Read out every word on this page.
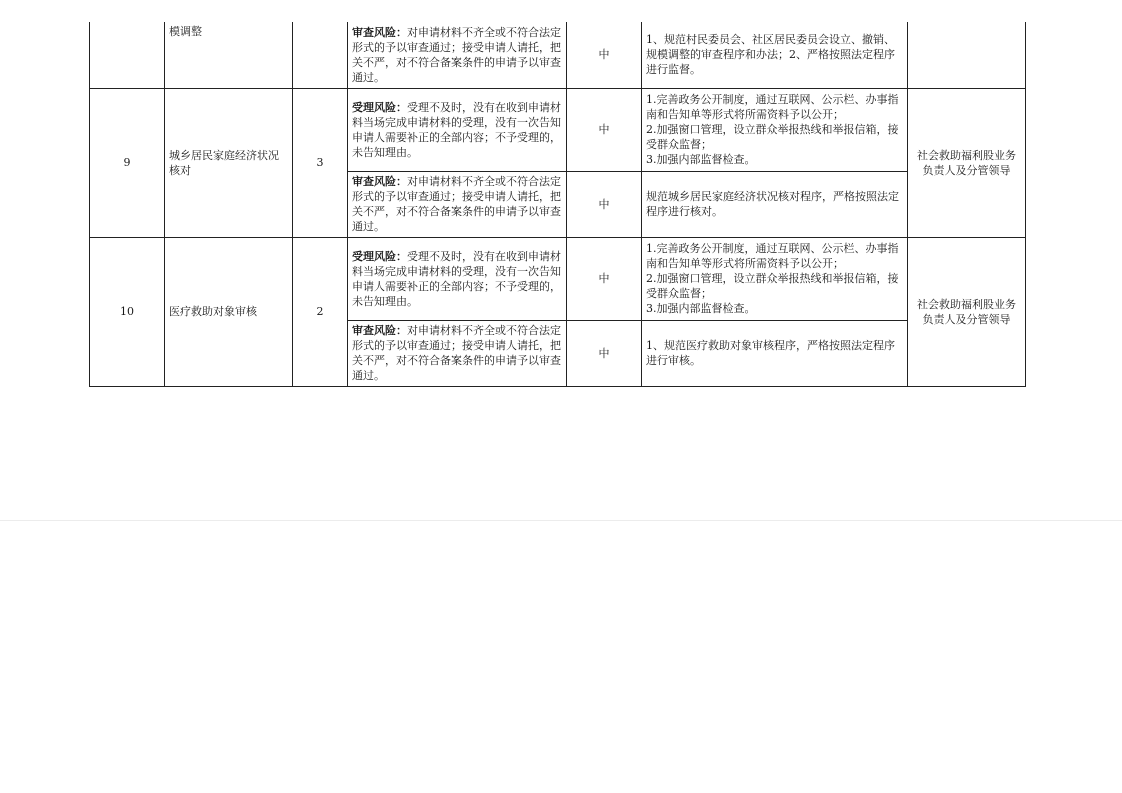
	模调整		审查风险：对申请材料不齐全或不符合法定形式的予以审查通过；接受申请人请托，把关不严，对不符合备案条件的申请予以审查通过。	中	1、规范村民委员会、社区居民委员会设立、撤销、规模调整的审查程序和办法；2、严格按照法定程序进行监督。	
9	城乡居民家庭经济状况核对	3	受理风险：受理不及时，没有在收到申请材料当场完成申请材料的受理，没有一次告知申请人需要补正的全部内容；不予受理的，未告知理由。	中	1.完善政务公开制度，通过互联网、公示栏、办事指南和告知单等形式将所需资料予以公开；
2.加强窗口管理，设立群众举报热线和举报信箱，接受群众监督；
3.加强内部监督检查。	社会救助福利股业务负责人及分管领导
			审查风险：对申请材料不齐全或不符合法定形式的予以审查通过；接受申请人请托，把关不严，对不符合备案条件的申请予以审查通过。	中	规范城乡居民家庭经济状况核对程序，严格按照法定程序进行核对。	
10	医疗救助对象审核	2	受理风险：受理不及时，没有在收到申请材料当场完成申请材料的受理，没有一次告知申请人需要补正的全部内容；不予受理的，未告知理由。	中	1.完善政务公开制度，通过互联网、公示栏、办事指南和告知单等形式将所需资料予以公开；
2.加强窗口管理，设立群众举报热线和举报信箱，接受群众监督；
3.加强内部监督检查。	社会救助福利股业务负责人及分管领导
			审查风险：对申请材料不齐全或不符合法定形式的予以审查通过；接受申请人请托，把关不严，对不符合备案条件的申请予以审查通过。	中	1、规范医疗救助对象审核程序，严格按照法定程序进行审核。	
